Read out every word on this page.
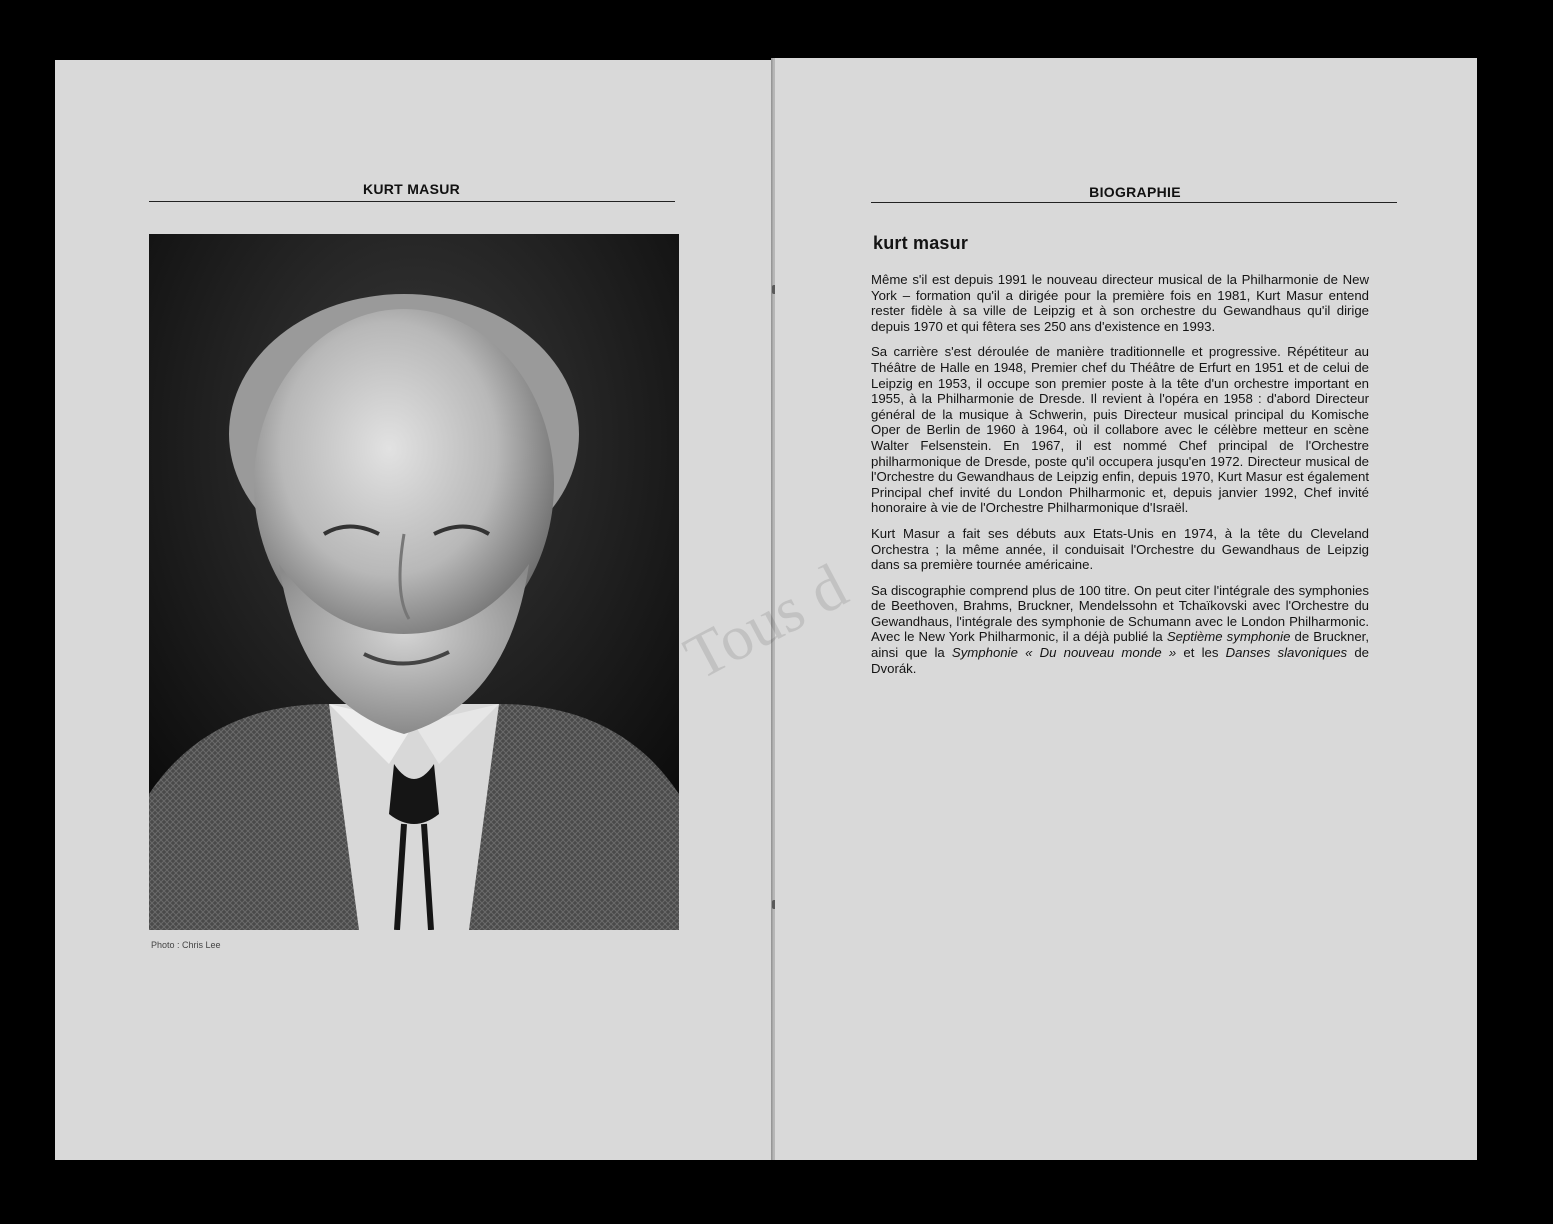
KURT MASUR
Photo : Chris Lee
BIOGRAPHIE
kurt masur

Même s'il est depuis 1991 le nouveau directeur musical de la Philharmonie de New York – formation qu'il a dirigée pour la première fois en 1981, Kurt Masur entend rester fidèle à sa ville de Leipzig et à son orchestre du Gewandhaus qu'il dirige depuis 1970 et qui fêtera ses 250 ans d'existence en 1993.

Sa carrière s'est déroulée de manière traditionnelle et progressive. Répétiteur au Théâtre de Halle en 1948, Premier chef du Théâtre de Erfurt en 1951 et de celui de Leipzig en 1953, il occupe son premier poste à la tête d'un orchestre important en 1955, à la Philharmonie de Dresde. Il revient à l'opéra en 1958 : d'abord Directeur général de la musique à Schwerin, puis Directeur musical principal du Komische Oper de Berlin de 1960 à 1964, où il collabore avec le célèbre metteur en scène Walter Felsenstein. En 1967, il est nommé Chef principal de l'Orchestre philharmonique de Dresde, poste qu'il occupera jusqu'en 1972. Directeur musical de l'Orchestre du Gewandhaus de Leipzig enfin, depuis 1970, Kurt Masur est également Principal chef invité du London Philharmonic et, depuis janvier 1992, Chef invité honoraire à vie de l'Orchestre Philharmonique d'Israël.

Kurt Masur a fait ses débuts aux Etats-Unis en 1974, à la tête du Cleveland Orchestra ; la même année, il conduisait l'Orchestre du Gewandhaus de Leipzig dans sa première tournée américaine.

Sa discographie comprend plus de 100 titre. On peut citer l'intégrale des symphonies de Beethoven, Brahms, Bruckner, Mendelssohn et Tchaïkovski avec l'Orchestre du Gewandhaus, l'intégrale des symphonie de Schumann avec le London Philharmonic. Avec le New York Philharmonic, il a déjà publié la Septième symphonie de Bruckner, ainsi que la Symphonie « Du nouveau monde » et les Danses slavoniques de Dvorák.
